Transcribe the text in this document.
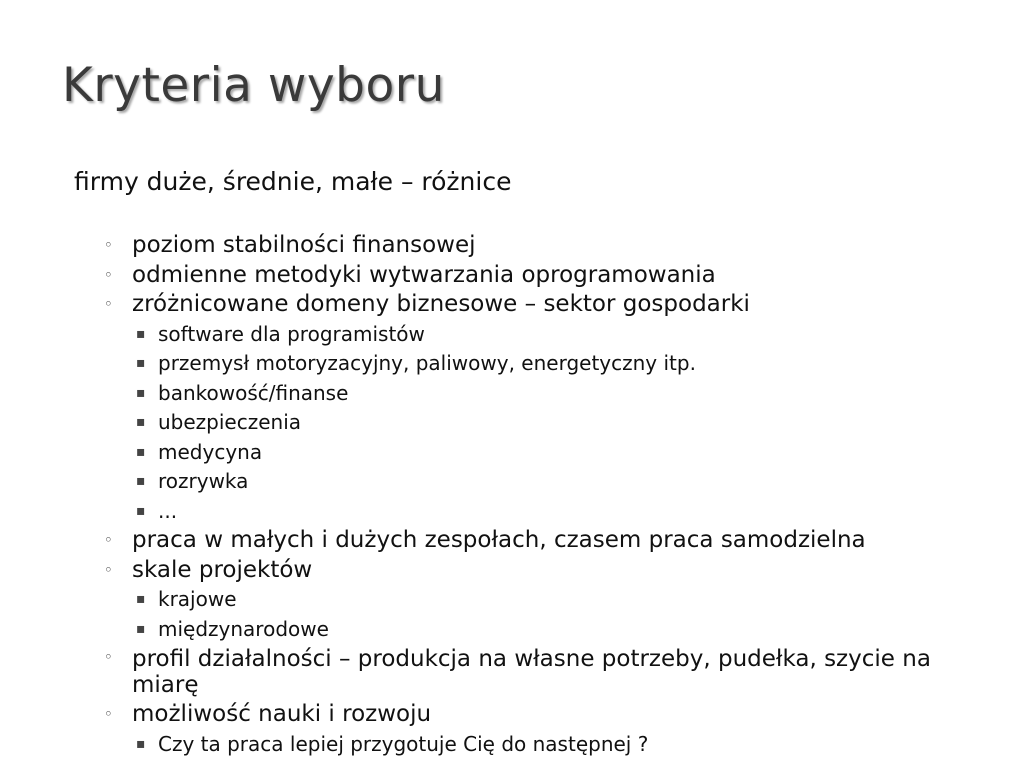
Kryteria wyboru

firmy duże, średnie, małe – różnice

◦ poziom stabilności finansowej
◦ odmienne metodyki wytwarzania oprogramowania
◦ zróżnicowane domeny biznesowe – sektor gospodarki
▪ software dla programistów
▪ przemysł motoryzacyjny, paliwowy, energetyczny itp.
▪ bankowość/finanse
▪ ubezpieczenia
▪ medycyna
▪ rozrywka
▪ ...
◦ praca w małych i dużych zespołach, czasem praca samodzielna
◦ skale projektów
▪ krajowe
▪ międzynarodowe
◦ profil działalności – produkcja na własne potrzeby, pudełka, szycie na miarę
◦ możliwość nauki i rozwoju
▪ Czy ta praca lepiej przygotuje Cię do następnej ?
